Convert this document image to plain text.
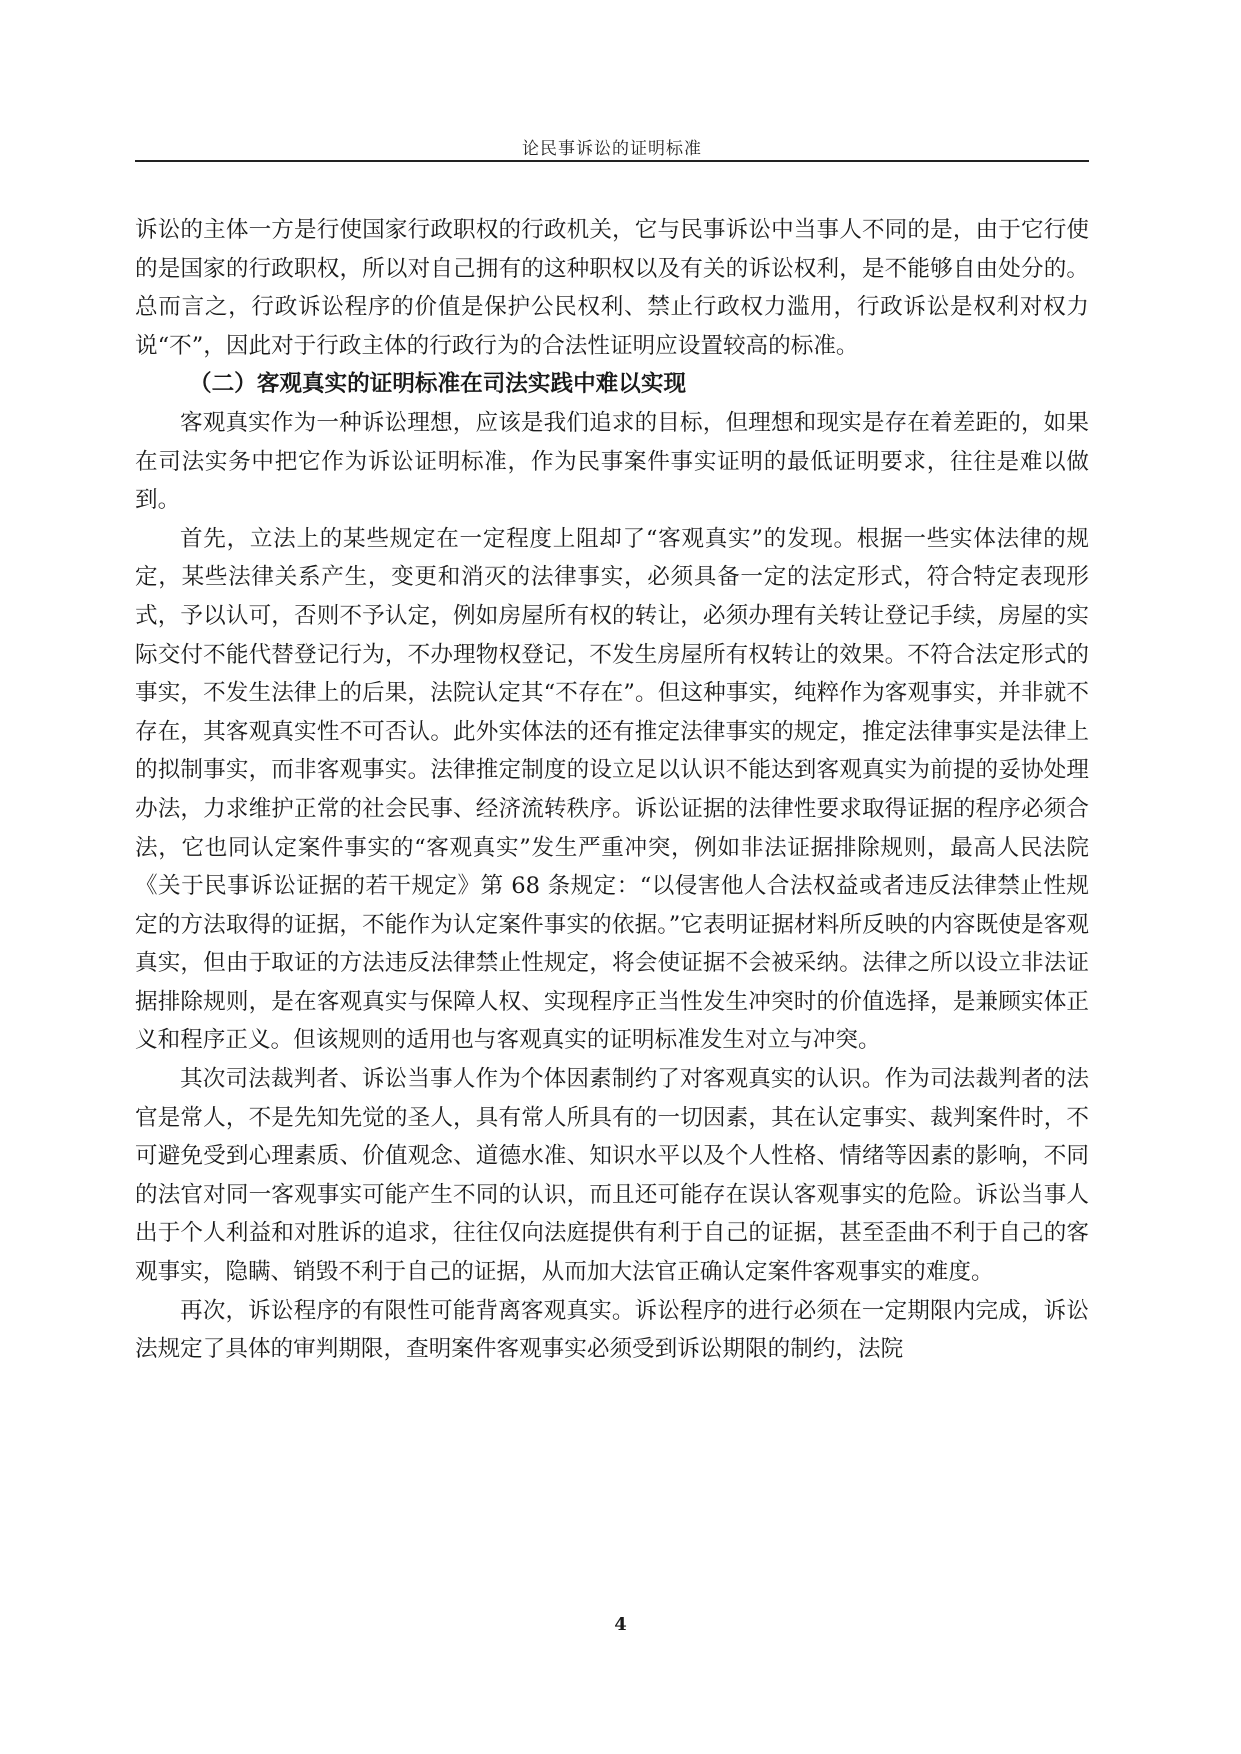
论民事诉讼的证明标准

诉讼的主体一方是行使国家行政职权的行政机关，它与民事诉讼中当事人不同的是，由于它行使的是国家的行政职权，所以对自己拥有的这种职权以及有关的诉讼权利，是不能够自由处分的。总而言之，行政诉讼程序的价值是保护公民权利、禁止行政权力滥用，行政诉讼是权利对权力说“不”，因此对于行政主体的行政行为的合法性证明应设置较高的标准。

（二）客观真实的证明标准在司法实践中难以实现

客观真实作为一种诉讼理想，应该是我们追求的目标，但理想和现实是存在着差距的，如果在司法实务中把它作为诉讼证明标准，作为民事案件事实证明的最低证明要求，往往是难以做到。

首先，立法上的某些规定在一定程度上阻却了“客观真实”的发现。根据一些实体法律的规定，某些法律关系产生，变更和消灭的法律事实，必须具备一定的法定形式，符合特定表现形式，予以认可，否则不予认定，例如房屋所有权的转让，必须办理有关转让登记手续，房屋的实际交付不能代替登记行为，不办理物权登记，不发生房屋所有权转让的效果。不符合法定形式的事实，不发生法律上的后果，法院认定其“不存在”。但这种事实，纯粹作为客观事实，并非就不存在，其客观真实性不可否认。此外实体法的还有推定法律事实的规定，推定法律事实是法律上的拟制事实，而非客观事实。法律推定制度的设立足以认识不能达到客观真实为前提的妥协处理办法，力求维护正常的社会民事、经济流转秩序。诉讼证据的法律性要求取得证据的程序必须合法，它也同认定案件事实的“客观真实”发生严重冲突，例如非法证据排除规则，最高人民法院《关于民事诉讼证据的若干规定》第 68 条规定：“以侵害他人合法权益或者违反法律禁止性规定的方法取得的证据，不能作为认定案件事实的依据。”它表明证据材料所反映的内容既使是客观真实，但由于取证的方法违反法律禁止性规定，将会使证据不会被采纳。法律之所以设立非法证据排除规则，是在客观真实与保障人权、实现程序正当性发生冲突时的价值选择，是兼顾实体正义和程序正义。但该规则的适用也与客观真实的证明标准发生对立与冲突。

其次司法裁判者、诉讼当事人作为个体因素制约了对客观真实的认识。作为司法裁判者的法官是常人，不是先知先觉的圣人，具有常人所具有的一切因素，其在认定事实、裁判案件时，不可避免受到心理素质、价值观念、道德水准、知识水平以及个人性格、情绪等因素的影响，不同的法官对同一客观事实可能产生不同的认识，而且还可能存在误认客观事实的危险。诉讼当事人出于个人利益和对胜诉的追求，往往仅向法庭提供有利于自己的证据，甚至歪曲不利于自己的客观事实，隐瞒、销毁不利于自己的证据，从而加大法官正确认定案件客观事实的难度。

再次，诉讼程序的有限性可能背离客观真实。诉讼程序的进行必须在一定期限内完成，诉讼法规定了具体的审判期限，查明案件客观事实必须受到诉讼期限的制约，法院

4
